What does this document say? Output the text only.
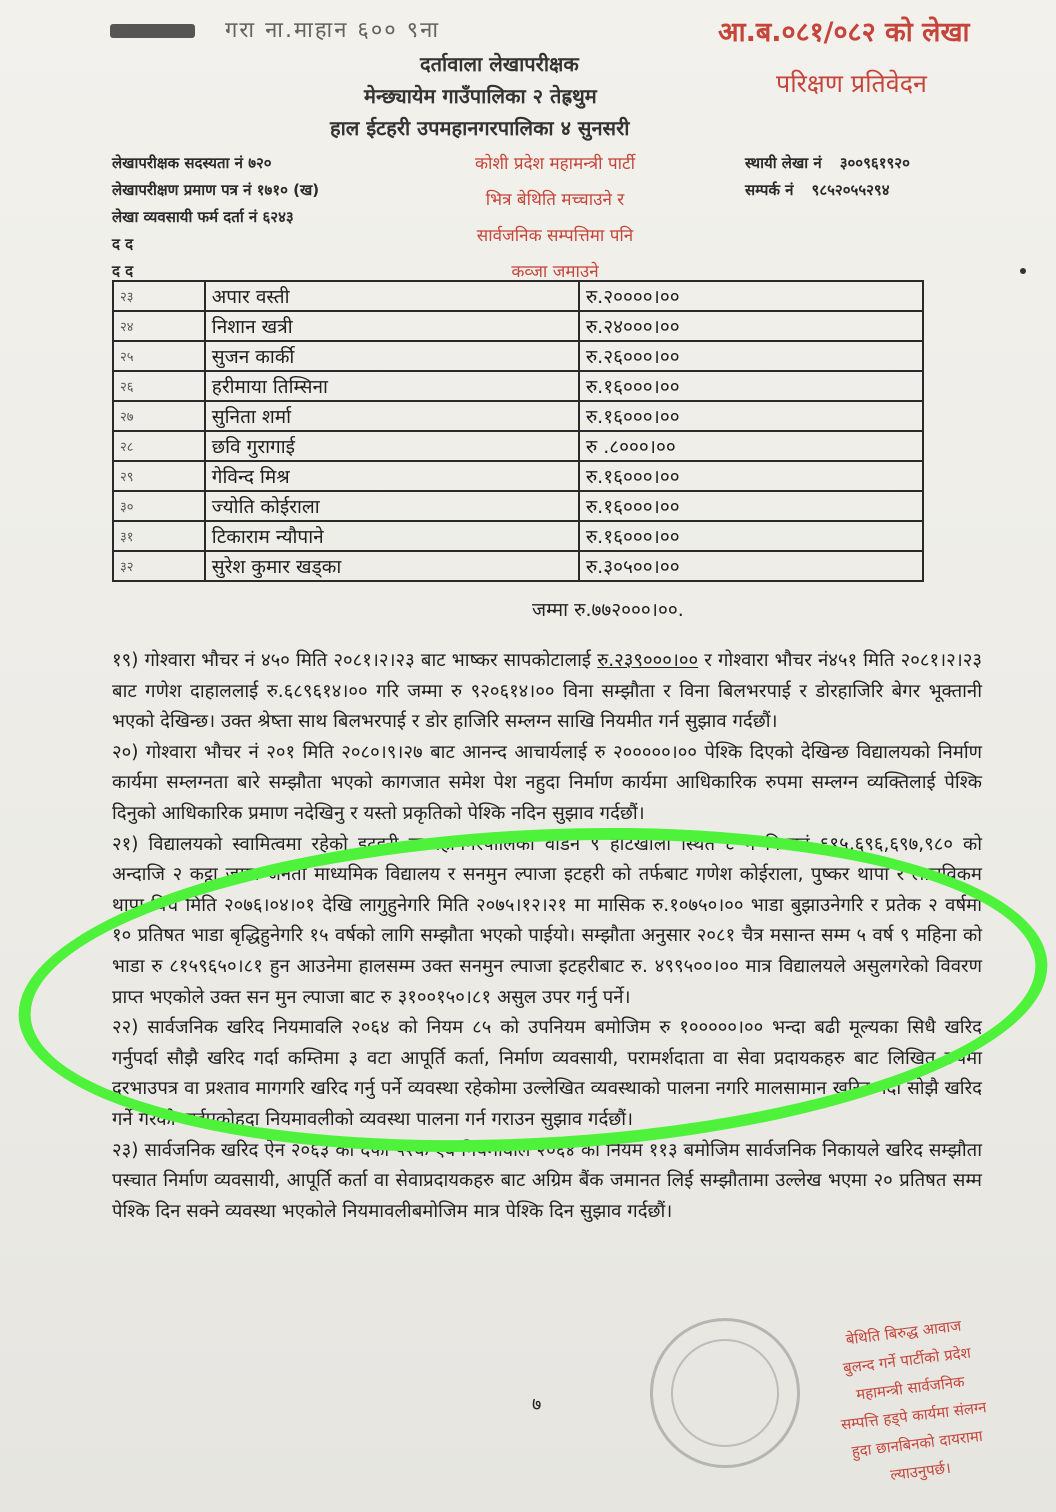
गरा ना.माहान ६०० ९ना	आ.ब.०८१/०८२ को लेखा
परिक्षण प्रतिवेदन
दर्तावाला लेखापरीक्षक
मेन्छ्यायेम गाउँपालिका २ तेह्रथुम
हाल ईटहरी उपमहानगरपालिका ४ सुनसरी
लेखापरीक्षक सदस्यता नं ७२०
लेखापरीक्षण प्रमाण पत्र नं १७१० (ख)
लेखा व्यवसायी फर्म दर्ता नं ६२४३
द द
द द
स्थायी लेखा नं ३००९६१९२०
सम्पर्क नं ९८५२०५५२९४
कोशी प्रदेश महामन्त्री पार्टी
भित्र बेथिति मच्चाउने र
सार्वजनिक सम्पत्तिमा पनि
कव्जा जमाउने
२३	अपार वस्ती	रु.२००००।००
२४	निशान खत्री	रु.२४०००।००
२५	सुजन कार्की	रु.२६०००।००
२६	हरीमाया तिम्सिना	रु.१६०००।००
२७	सुनिता शर्मा	रु.१६०००।००
२८	छवि गुरागाई	रु .८०००।००
२९	गेविन्द मिश्र	रु.१६०००।००
३०	ज्योति कोईराला	रु.१६०००।००
३१	टिकाराम न्यौपाने	रु.१६०००।००
३२	सुरेश कुमार खड्का	रु.३०५००।००
जम्मा रु.७७२०००।००.

१९) गोश्वारा भौचर नं ४५० मिति २०८१।२।२३ बाट भाष्कर सापकोटालाई रु.२३९०००।०० र गोश्वारा भौचर नं४५१ मिति २०८१।२।२३ बाट गणेश दाहाललाई रु.६८९६१४।०० गरि जम्मा रु ९२०६१४।०० विना सम्झौता र विना बिलभरपाई र डोरहाजिरि बेगर भूक्तानी भएको देखिन्छ। उक्त श्रेष्ता साथ बिलभरपाई र डोर हाजिरि सम्लग्न साखि नियमीत गर्न सुझाव गर्दछौं।

२०) गोश्वारा भौचर नं २०१ मिति २०८०।९।२७ बाट आनन्द आचार्यलाई रु २०००००।०० पेश्कि दिएको देखिन्छ विद्यालयको निर्माण कार्यमा सम्लग्नता बारे सम्झौता भएको कागजात समेश पेश नहुदा निर्माण कार्यमा आधिकारिक रुपमा सम्लग्न व्यक्तिलाई पेश्कि दिनुको आधिकारिक प्रमाण नदेखिनु र यस्तो प्रकृतिको पेश्कि नदिन सुझाव गर्दछौं।

२१) विद्यालयको स्वामित्वमा रहेको इटहरी उपमहानगरपालिका वार्डनं ९ हाटखोला स्थित ८ ग कितानं ६९५,६९६,६९७,९८० को अन्दाजि २ कट्ठा जग्गा जनता माध्यमिक विद्यालय र सनमुन ल्पाजा इटहरी को तर्फबाट गणेश कोईराला, पुष्कर थापा र लालविकम थापा विच मिति २०७६।०४।०१ देखि लागुहुनेगरि मिति २०७५।१२।२१ मा मासिक रु.१०७५०।०० भाडा बुझाउनेगरि र प्रतेक २ वर्षमा १० प्रतिषत भाडा बृद्धिहुनेगरि १५ वर्षको लागि सम्झौता भएको पाईयो। सम्झौता अनुसार २०८१ चैत्र मसान्त सम्म ५ वर्ष ९ महिना को भाडा रु ८१५९६५०।८१ हुन आउनेमा हालसम्म उक्त सनमुन ल्पाजा इटहरीबाट रु. ४९९५००।०० मात्र विद्यालयले असुलगरेको विवरण प्राप्त भएकोले उक्त सन मुन ल्पाजा बाट रु ३१००१५०।८१ असुल उपर गर्नु पर्ने।

२२) सार्वजनिक खरिद नियमावलि २०६४ को नियम ८५ को उपनियम बमोजिम रु १०००००।०० भन्दा बढी मूल्यका सिधै खरिद गर्नुपर्दा सौझै खरिद गर्दा कम्तिमा ३ वटा आपूर्ति कर्ता, निर्माण व्यवसायी, परामर्शदाता वा सेवा प्रदायकहरु बाट लिखित रुपमा दरभाउपत्र वा प्रश्ताव मागगरि खरिद गर्नु पर्ने व्यवस्था रहेकोमा उल्लेखित व्यवस्थाको पालना नगरि मालसामान खरिद गर्दा सोझै खरिद गर्ने गरेको पाईएकोहुदा नियमावलीको व्यवस्था पालना गर्न गराउन सुझाव गर्दछौं।

२३) सार्वजनिक खरिद ऐन २०६३ को दफा ५२क एवं नियमावलि २०६४ को नियम ११३ बमोजिम सार्वजनिक निकायले खरिद सम्झौता पस्चात निर्माण व्यवसायी, आपूर्ति कर्ता वा सेवाप्रदायकहरु बाट अग्रिम बैंक जमानत लिई सम्झौतामा उल्लेख भएमा २० प्रतिषत सम्म पेश्कि दिन सक्ने व्यवस्था भएकोले नियमावलीबमोजिम मात्र पेश्कि दिन सुझाव गर्दछौं।

७
बेथिति बिरुद्ध आवाज
बुलन्द गर्ने पार्टीको प्रदेश
महामन्त्री सार्वजनिक
सम्पत्ति हड्पे कार्यमा संलग्न
हुदा छानबिनको दायरामा
ल्याउनुपर्छ।
